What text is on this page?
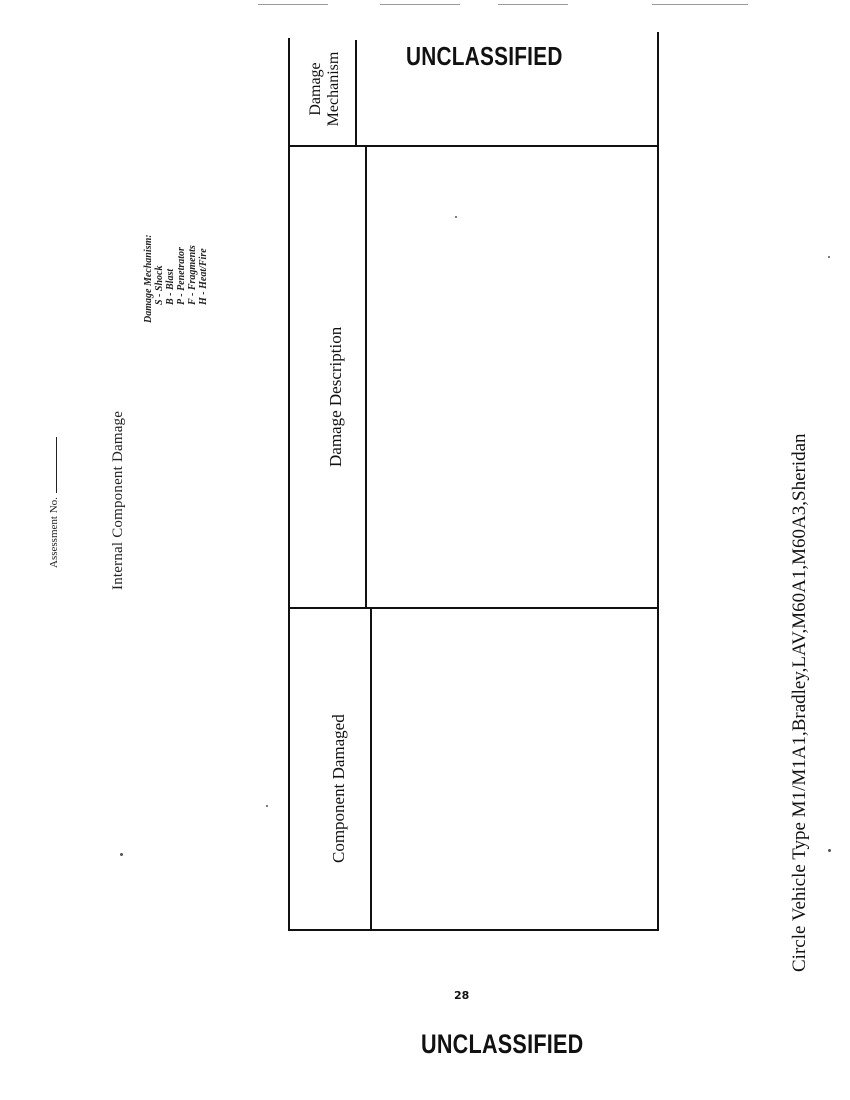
Assessment No.	Internal Component Damage
Damage Mechanism: S - Shock B - Blast P - Penetrator F - Fragments H - Heat/Fire
Component Damaged
Damage Description
Damage Mechanism UNCLASSIFIED
UNCLASSIFIED
28
Circle Vehicle Type M1/M1A1,Bradley,LAV,M60A1,M60A3,Sheridan
